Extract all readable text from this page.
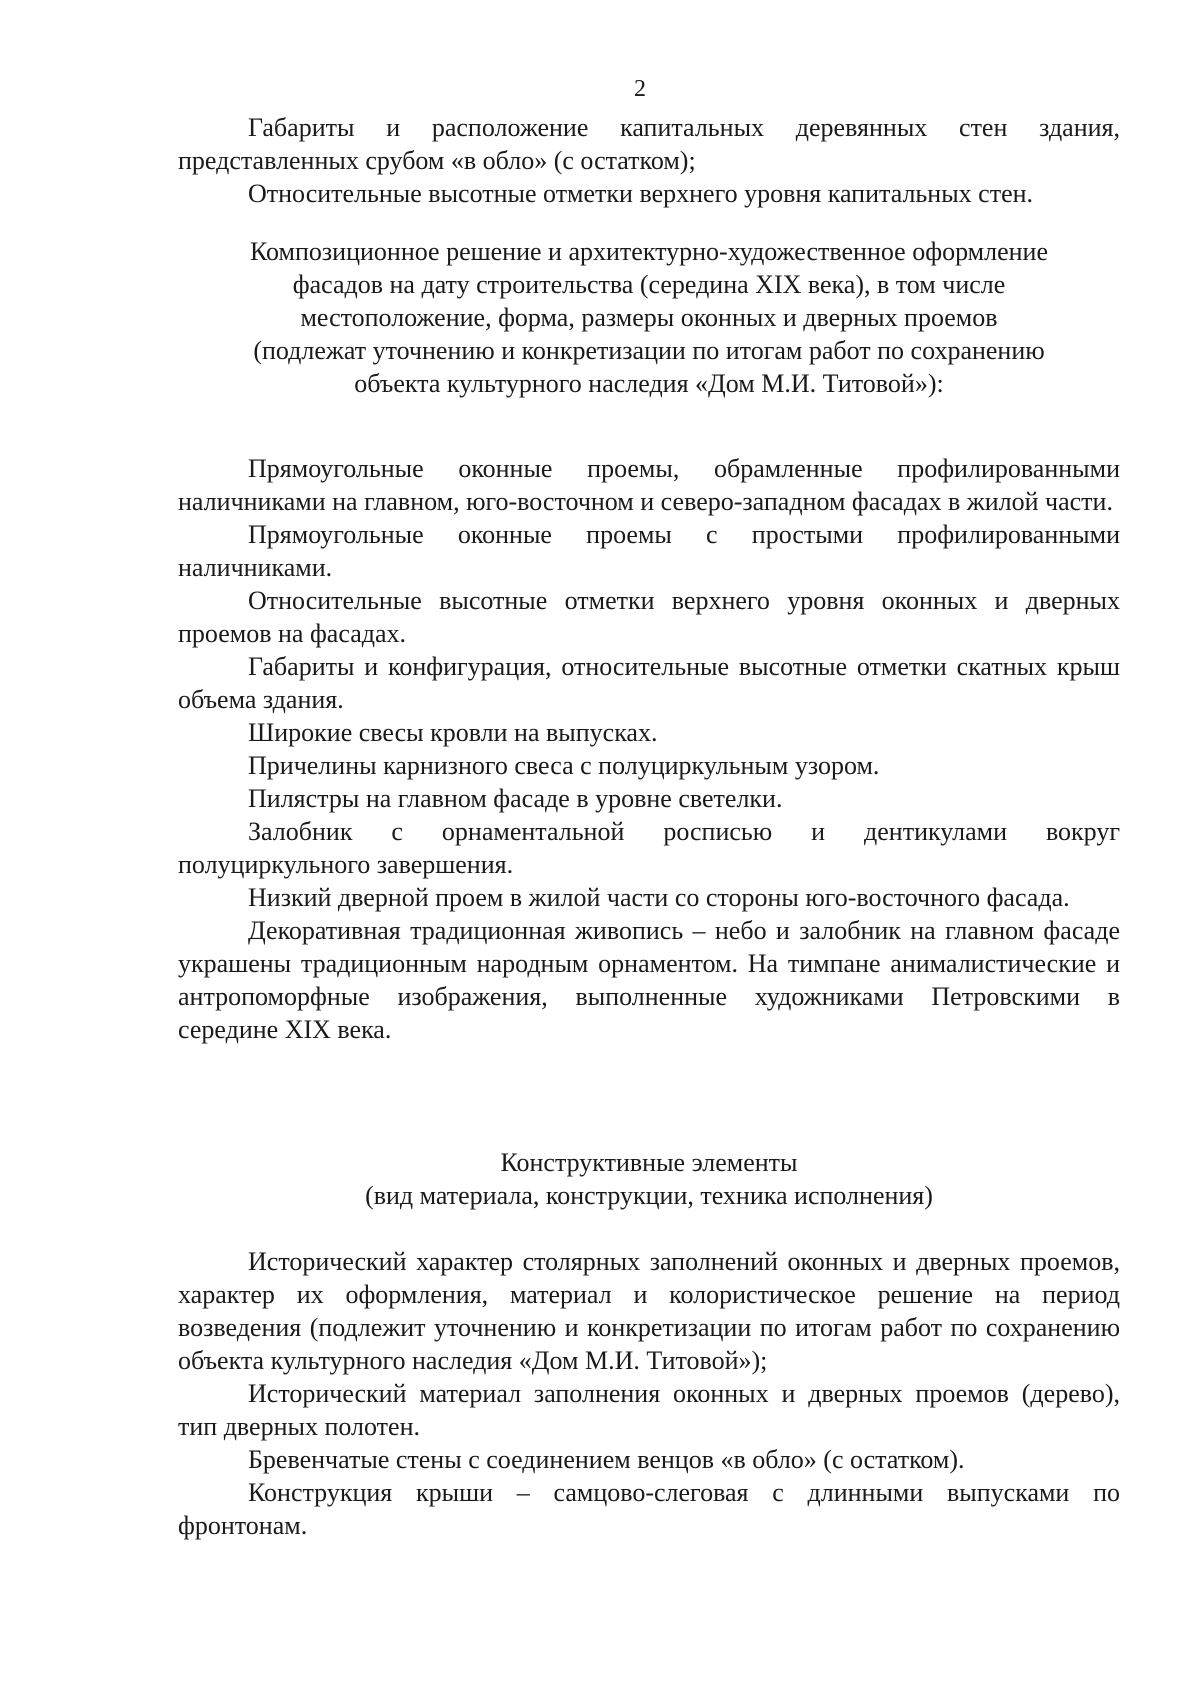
2

Габариты и расположение капитальных деревянных стен здания, представленных срубом «в обло» (с остатком);

Относительные высотные отметки верхнего уровня капитальных стен.

Композиционное решение и архитектурно-художественное оформление
фасадов на дату строительства (середина XIX века), в том числе
местоположение, форма, размеры оконных и дверных проемов
(подлежат уточнению и конкретизации по итогам работ по сохранению
объекта культурного наследия «Дом М.И. Титовой»):

Прямоугольные оконные проемы, обрамленные профилированными наличниками на главном, юго-восточном и северо-западном фасадах в жилой части.

Прямоугольные оконные проемы с простыми профилированными наличниками.

Относительные высотные отметки верхнего уровня оконных и дверных проемов на фасадах.

Габариты и конфигурация, относительные высотные отметки скатных крыш объема здания.

Широкие свесы кровли на выпусках.

Причелины карнизного свеса с полуциркульным узором.

Пилястры на главном фасаде в уровне светелки.

Залобник с орнаментальной росписью и дентикулами вокруг полуциркульного завершения.

Низкий дверной проем в жилой части со стороны юго-восточного фасада.

Декоративная традиционная живопись – небо и залобник на главном фасаде украшены традиционным народным орнаментом. На тимпане анималистические и антропоморфные изображения, выполненные художниками Петровскими в середине XIX века.

Конструктивные элементы
(вид материала, конструкции, техника исполнения)

Исторический характер столярных заполнений оконных и дверных проемов, характер их оформления, материал и колористическое решение на период возведения (подлежит уточнению и конкретизации по итогам работ по сохранению объекта культурного наследия «Дом М.И. Титовой»);

Исторический материал заполнения оконных и дверных проемов (дерево), тип дверных полотен.

Бревенчатые стены с соединением венцов «в обло» (с остатком).

Конструкция крыши – самцово-слеговая с длинными выпусками по фронтонам.
